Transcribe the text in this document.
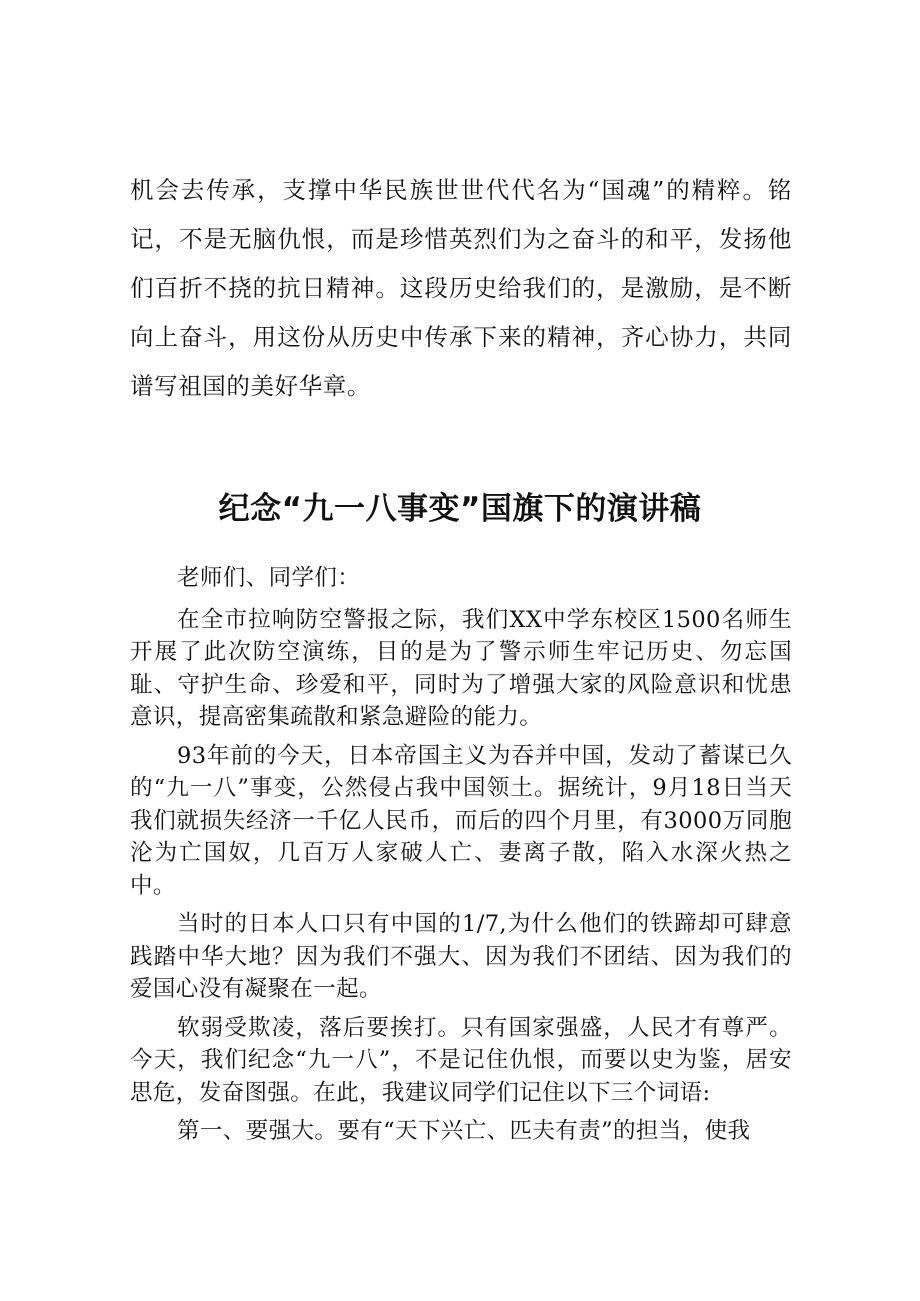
机会去传承，支撑中华民族世世代代名为“国魂”的精粹。铭记，不是无脑仇恨，而是珍惜英烈们为之奋斗的和平，发扬他们百折不挠的抗日精神。这段历史给我们的，是激励，是不断向上奋斗，用这份从历史中传承下来的精神，齐心协力，共同谱写祖国的美好华章。

纪念“九一八事变”国旗下的演讲稿

老师们、同学们：

在全市拉响防空警报之际，我们XX中学东校区1500名师生开展了此次防空演练，目的是为了警示师生牢记历史、勿忘国耻、守护生命、珍爱和平，同时为了增强大家的风险意识和忧患意识，提高密集疏散和紧急避险的能力。

93年前的今天，日本帝国主义为吞并中国，发动了蓄谋已久的“九一八”事变，公然侵占我中国领土。据统计，9月18日当天我们就损失经济一千亿人民币，而后的四个月里，有3000万同胞沦为亡国奴，几百万人家破人亡、妻离子散，陷入水深火热之中。

当时的日本人口只有中国的1/7,为什么他们的铁蹄却可肆意践踏中华大地？因为我们不强大、因为我们不团结、因为我们的爱国心没有凝聚在一起。

软弱受欺凌，落后要挨打。只有国家强盛，人民才有尊严。今天，我们纪念“九一八”，不是记住仇恨，而要以史为鉴，居安思危，发奋图强。在此，我建议同学们记住以下三个词语:

第一、要强大。要有“天下兴亡、匹夫有责”的担当，使我
